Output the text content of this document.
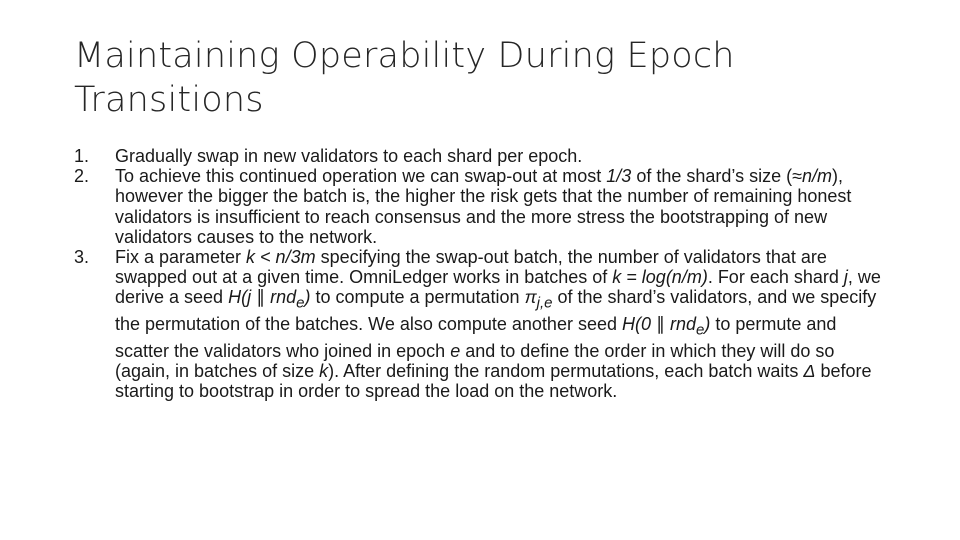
Maintaining Operability During Epoch Transitions
1.	Gradually swap in new validators to each shard per epoch.
2.	To achieve this continued operation we can swap-out at most 1/3 of the shard’s size (≈n/m), however the bigger the batch is, the higher the risk gets that the number of remaining honest validators is insufficient to reach consensus and the more stress the bootstrapping of new validators causes to the network.
3.	Fix a parameter k < n/3m specifying the swap-out batch, the number of validators that are swapped out at a given time. OmniLedger works in batches of k = log(n/m). For each shard j, we derive a seed H(j ∥ rnd$_e$) to compute a permutation $\pi_{j,e}$ of the shard’s validators, and we specify the permutation of the batches. We also compute another seed H(0 ∥ rnd$_e$) to permute and scatter the validators who joined in epoch e and to define the order in which they will do so (again, in batches of size k). After defining the random permutations, each batch waits Δ before starting to bootstrap in order to spread the load on the network.
